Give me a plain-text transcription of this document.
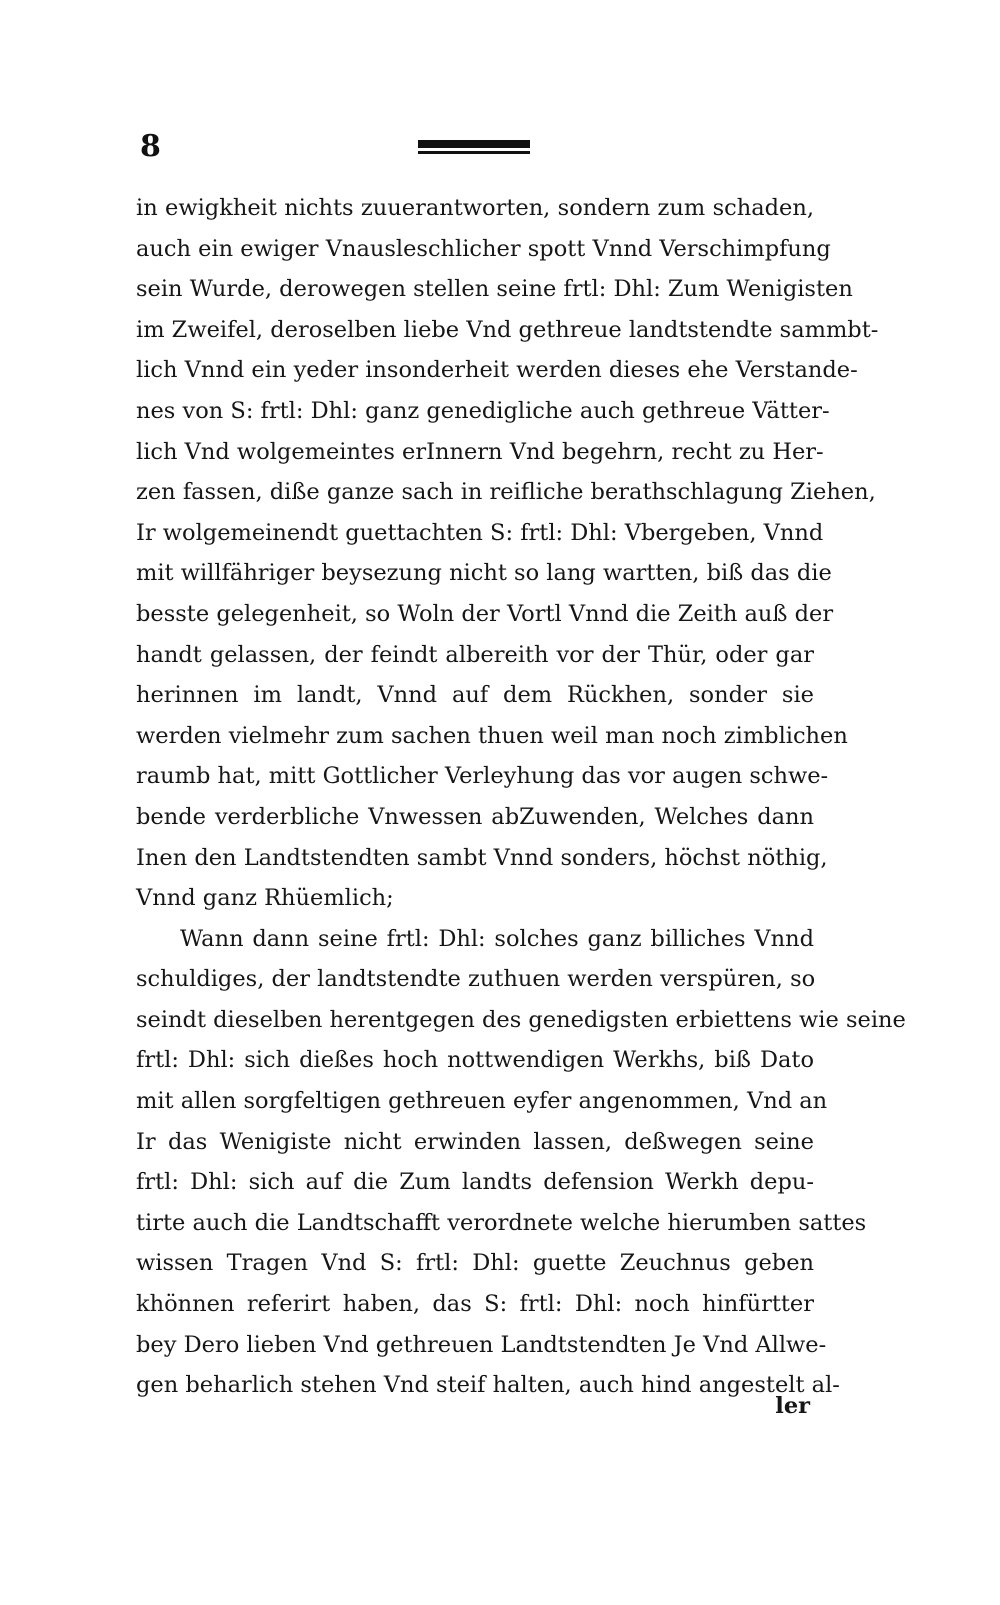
8
in ewigkheit nichts zuuerantworten, sondern zum schaden,
auch ein ewiger Vnausleschlicher spott Vnnd Verschimpfung
sein Wurde, derowegen stellen seine frtl: Dhl: Zum Wenigisten
im Zweifel, deroselben liebe Vnd gethreue landtstendte sammbt-
lich Vnnd ein yeder insonderheit werden dieses ehe Verstande-
nes von S: frtl: Dhl: ganz genedigliche auch gethreue Vätter-
lich Vnd wolgemeintes erInnern Vnd begehrn, recht zu Her-
zen fassen, diße ganze sach in reifliche berathschlagung Ziehen,
Ir wolgemeinendt guettachten S: frtl: Dhl: Vbergeben, Vnnd
mit willfähriger beysezung nicht so lang wartten, biß das die
besste gelegenheit, so Woln der Vortl Vnnd die Zeith auß der
handt gelassen, der feindt albereith vor der Thür, oder gar
herinnen im landt, Vnnd auf dem Rückhen, sonder sie
werden vielmehr zum sachen thuen weil man noch zimblichen
raumb hat, mitt Gottlicher Verleyhung das vor augen schwe-
bende verderbliche Vnwessen abZuwenden, Welches dann
Inen den Landtstendten sambt Vnnd sonders, höchst nöthig,
Vnnd ganz Rhüemlich;
Wann dann seine frtl: Dhl: solches ganz billiches Vnnd
schuldiges, der landtstendte zuthuen werden verspüren, so
seindt dieselben herentgegen des genedigsten erbiettens wie seine
frtl: Dhl: sich dießes hoch nottwendigen Werkhs, biß Dato
mit allen sorgfeltigen gethreuen eyfer angenommen, Vnd an
Ir das Wenigiste nicht erwinden lassen, deßwegen seine
frtl: Dhl: sich auf die Zum landts defension Werkh depu-
tirte auch die Landtschafft verordnete welche hierumben sattes
wissen Tragen Vnd S: frtl: Dhl: guette Zeuchnus geben
khönnen referirt haben, das S: frtl: Dhl: noch hinfürtter
bey Dero lieben Vnd gethreuen Landtstendten Je Vnd Allwe-
gen beharlich stehen Vnd steif halten, auch hind angestelt al-
ler
